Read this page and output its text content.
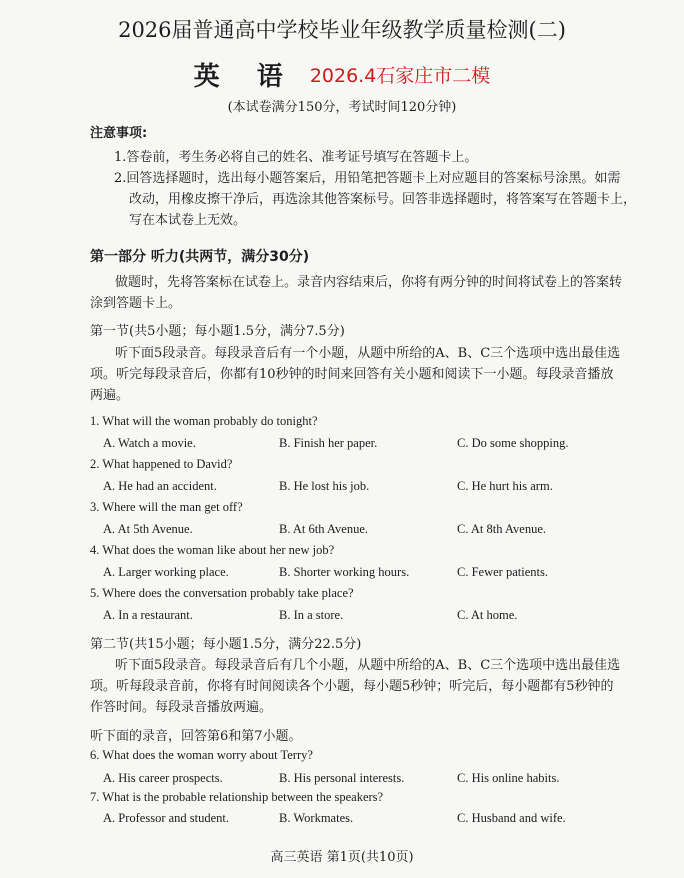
2026届普通高中学校毕业年级教学质量检测(二)
英 语 2026.4石家庄市二模
(本试卷满分150分，考试时间120分钟)
注意事项:
1.答卷前，考生务必将自己的姓名、准考证号填写在答题卡上。
2.回答选择题时，选出每小题答案后，用铅笔把答题卡上对应题目的答案标号涂黑。如需
改动，用橡皮擦干净后，再选涂其他答案标号。回答非选择题时，将答案写在答题卡上，
写在本试卷上无效。
第一部分 听力(共两节，满分30分)
做题时，先将答案标在试卷上。录音内容结束后，你将有两分钟的时间将试卷上的答案转
涂到答题卡上。
第一节(共5小题；每小题1.5分，满分7.5分)
听下面5段录音。每段录音后有一个小题，从题中所给的A、B、C三个选项中选出最佳选
项。听完每段录音后，你都有10秒钟的时间来回答有关小题和阅读下一小题。每段录音播放
两遍。
1. What will the woman probably do tonight?
A. Watch a movie.	B. Finish her paper.	C. Do some shopping.
2. What happened to David?
A. He had an accident.	B. He lost his job.	C. He hurt his arm.
3. Where will the man get off?
A. At 5th Avenue.	B. At 6th Avenue.	C. At 8th Avenue.
4. What does the woman like about her new job?
A. Larger working place.	B. Shorter working hours.	C. Fewer patients.
5. Where does the conversation probably take place?
A. In a restaurant.	B. In a store.	C. At home.
第二节(共15小题；每小题1.5分，满分22.5分)
听下面5段录音。每段录音后有几个小题，从题中所给的A、B、C三个选项中选出最佳选
项。听每段录音前，你将有时间阅读各个小题，每小题5秒钟；听完后，每小题都有5秒钟的
作答时间。每段录音播放两遍。
听下面的录音，回答第6和第7小题。
6. What does the woman worry about Terry?
A. His career prospects.	B. His personal interests.	C. His online habits.
7. What is the probable relationship between the speakers?
A. Professor and student.	B. Workmates.	C. Husband and wife.
高三英语 第1页(共10页)
